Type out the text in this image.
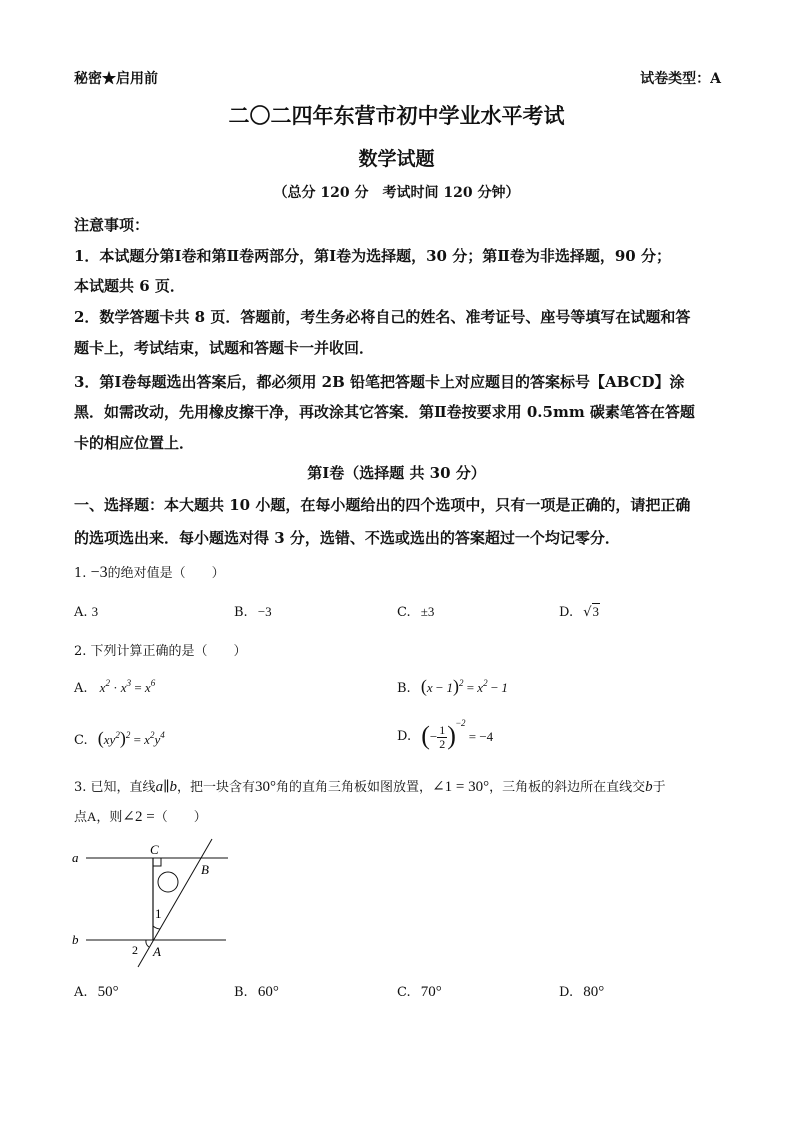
秘密★启用前	试卷类型：A
二〇二四年东营市初中学业水平考试
数学试题
（总分 120 分　考试时间 120 分钟）
注意事项：
1．本试题分第Ⅰ卷和第Ⅱ卷两部分，第Ⅰ卷为选择题，30 分；第Ⅱ卷为非选择题，90 分；
本试题共 6 页．
2．数学答题卡共 8 页．答题前，考生务必将自己的姓名、准考证号、座号等填写在试题和答
题卡上，考试结束，试题和答题卡一并收回．
3．第Ⅰ卷每题选出答案后，都必须用 2B 铅笔把答题卡上对应题目的答案标号【ABCD】涂
黑．如需改动，先用橡皮擦干净，再改涂其它答案．第Ⅱ卷按要求用 0.5mm 碳素笔答在答题
卡的相应位置上．
第Ⅰ卷（选择题 共 30 分）
一、选择题：本大题共 10 小题，在每小题给出的四个选项中，只有一项是正确的，请把正确
的选项选出来．每小题选对得 3 分，选错、不选或选出的答案超过一个均记零分．
1. −3的绝对值是（　　）
A. 3	B. −3	C. ±3	D. √3
2. 下列计算正确的是（　　）
A. $x^2 \cdot x^3 = x^6$	B. $(x - 1)^2 = x^2 - 1$
C. $(xy^2)^2 = x^2y^4$	D. (− $\frac{1}{2} )^{-2} = -4$
3. 已知，直线a∥b，把一块含有30°角的直角三角板如图放置，∠1 = 30°，三角板的斜边所在直线交b于
点A，则∠2 =（　　）
a
b
C
B
1
2 A
A. 50°	B. 60°	C. 70°	D. 80°
